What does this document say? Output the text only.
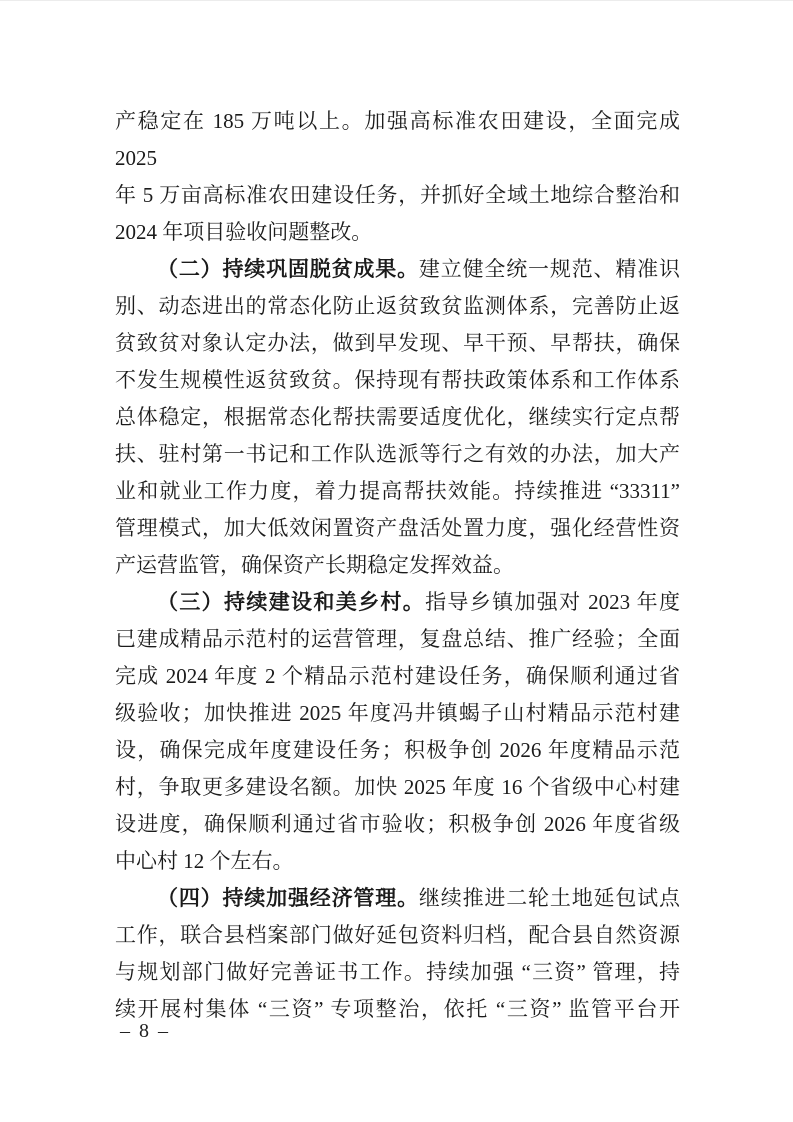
产稳定在 185 万吨以上。加强高标准农田建设，全面完成 2025
年 5 万亩高标准农田建设任务，并抓好全域土地综合整治和
2024 年项目验收问题整改。
（二）持续巩固脱贫成果。建立健全统一规范、精准识
别、动态进出的常态化防止返贫致贫监测体系，完善防止返
贫致贫对象认定办法，做到早发现、早干预、早帮扶，确保
不发生规模性返贫致贫。保持现有帮扶政策体系和工作体系
总体稳定，根据常态化帮扶需要适度优化，继续实行定点帮
扶、驻村第一书记和工作队选派等行之有效的办法，加大产
业和就业工作力度，着力提高帮扶效能。持续推进 “33311”
管理模式，加大低效闲置资产盘活处置力度，强化经营性资
产运营监管，确保资产长期稳定发挥效益。
（三）持续建设和美乡村。指导乡镇加强对 2023 年度
已建成精品示范村的运营管理，复盘总结、推广经验；全面
完成 2024 年度 2 个精品示范村建设任务，确保顺利通过省
级验收；加快推进 2025 年度冯井镇蝎子山村精品示范村建
设，确保完成年度建设任务；积极争创 2026 年度精品示范
村，争取更多建设名额。加快 2025 年度 16 个省级中心村建
设进度，确保顺利通过省市验收；积极争创 2026 年度省级
中心村 12 个左右。
（四）持续加强经济管理。继续推进二轮土地延包试点
工作，联合县档案部门做好延包资料归档，配合县自然资源
与规划部门做好完善证书工作。持续加强 “三资” 管理，持
续开展村集体 “三资” 专项整治，依托 “三资” 监管平台开
– 8 –
